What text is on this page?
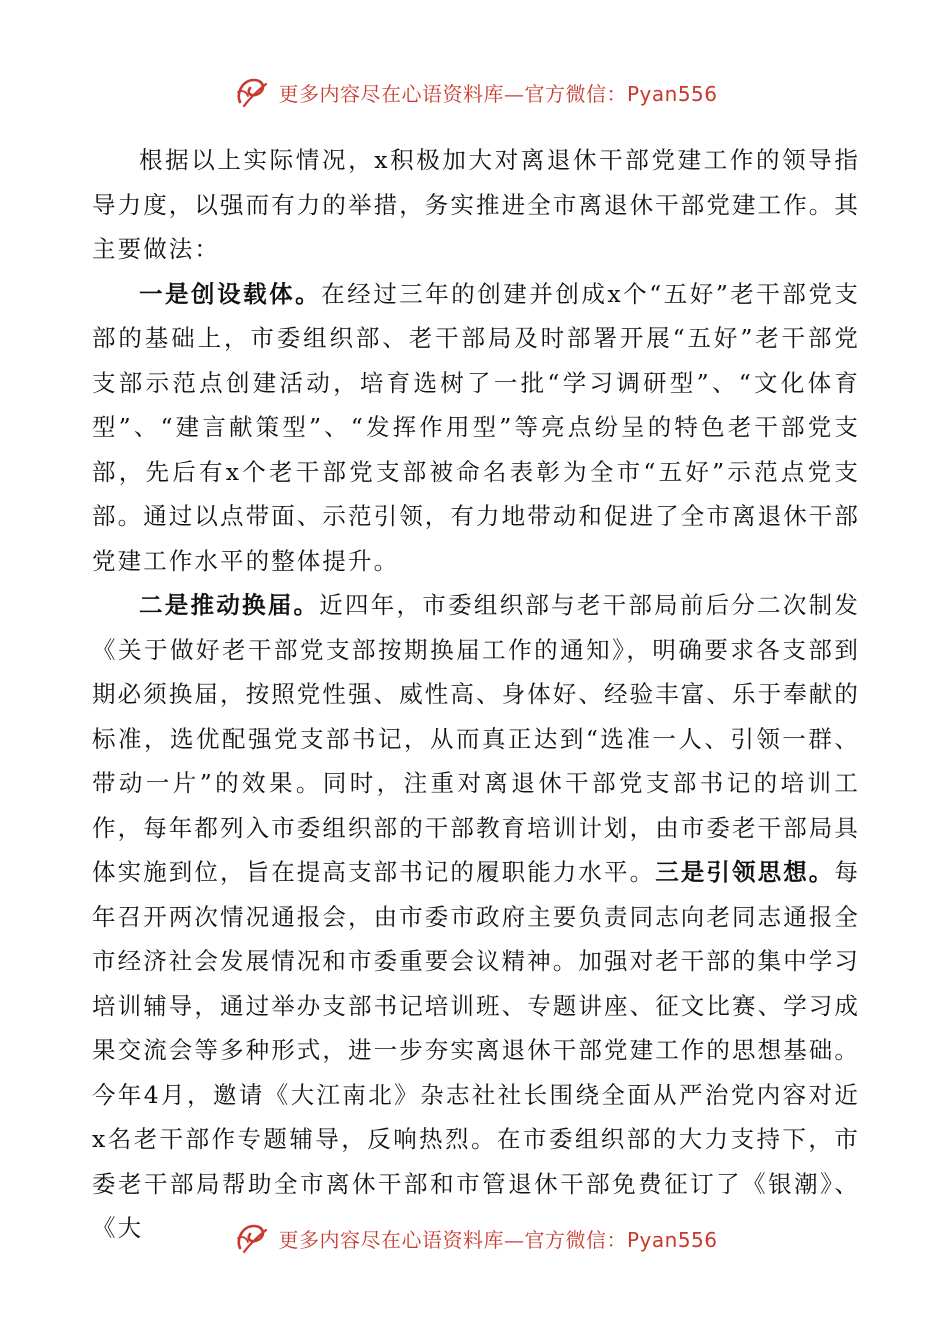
更多内容尽在心语资料库—官方微信：Pyan556

根据以上实际情况，x积极加大对离退休干部党建工作的领导指导力度，以强而有力的举措，务实推进全市离退休干部党建工作。其主要做法：

一是创设载体。在经过三年的创建并创成x个“五好”老干部党支部的基础上，市委组织部、老干部局及时部署开展“五好”老干部党支部示范点创建活动，培育选树了一批“学习调研型”、“文化体育型”、“建言献策型”、“发挥作用型”等亮点纷呈的特色老干部党支部，先后有x个老干部党支部被命名表彰为全市“五好”示范点党支部。通过以点带面、示范引领，有力地带动和促进了全市离退休干部党建工作水平的整体提升。

二是推动换届。近四年，市委组织部与老干部局前后分二次制发《关于做好老干部党支部按期换届工作的通知》，明确要求各支部到期必须换届，按照党性强、威性高、身体好、经验丰富、乐于奉献的标准，选优配强党支部书记，从而真正达到“选准一人、引领一群、带动一片”的效果。同时，注重对离退休干部党支部书记的培训工作，每年都列入市委组织部的干部教育培训计划，由市委老干部局具体实施到位，旨在提高支部书记的履职能力水平。三是引领思想。每年召开两次情况通报会，由市委市政府主要负责同志向老同志通报全市经济社会发展情况和市委重要会议精神。加强对老干部的集中学习培训辅导，通过举办支部书记培训班、专题讲座、征文比赛、学习成果交流会等多种形式，进一步夯实离退休干部党建工作的思想基础。今年4月，邀请《大江南北》杂志社社长围绕全面从严治党内容对近x名老干部作专题辅导，反响热烈。在市委组织部的大力支持下，市委老干部局帮助全市离休干部和市管退休干部免费征订了《银潮》、《大	更多内容尽在心语资料库—官方微信：Pyan556
